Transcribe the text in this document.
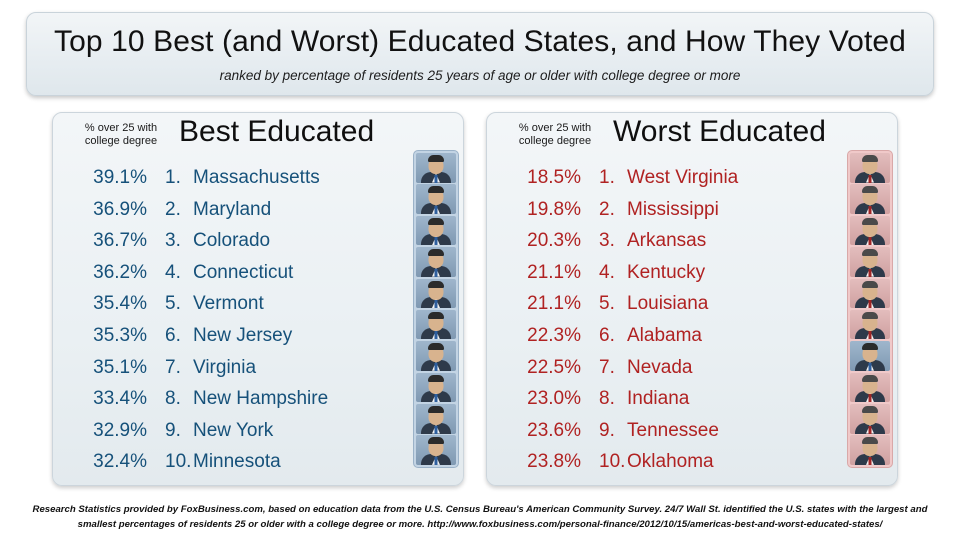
Top 10 Best (and Worst) Educated States, and How They Voted
ranked by percentage of residents 25 years of age or older with college degree or more
% over 25 with college degree Best Educated
39.1% 1. Massachusetts
36.9% 2. Maryland
36.7% 3. Colorado
36.2% 4. Connecticut
35.4% 5. Vermont
35.3% 6. New Jersey
35.1% 7. Virginia
33.4% 8. New Hampshire
32.9% 9. New York
32.4% 10.Minnesota
% over 25 with college degree Worst Educated
18.5% 1. West Virginia
19.8% 2. Mississippi
20.3% 3. Arkansas
21.1% 4. Kentucky
21.1% 5. Louisiana
22.3% 6. Alabama
22.5% 7. Nevada
23.0% 8. Indiana
23.6% 9. Tennessee
23.8% 10.Oklahoma
Research Statistics provided by FoxBusiness.com, based on education data from the U.S. Census Bureau's American Community Survey. 24/7 Wall St. identified the U.S. states with the largest and
smallest percentages of residents 25 or older with a college degree or more. http://www.foxbusiness.com/personal-finance/2012/10/15/americas-best-and-worst-educated-states/
